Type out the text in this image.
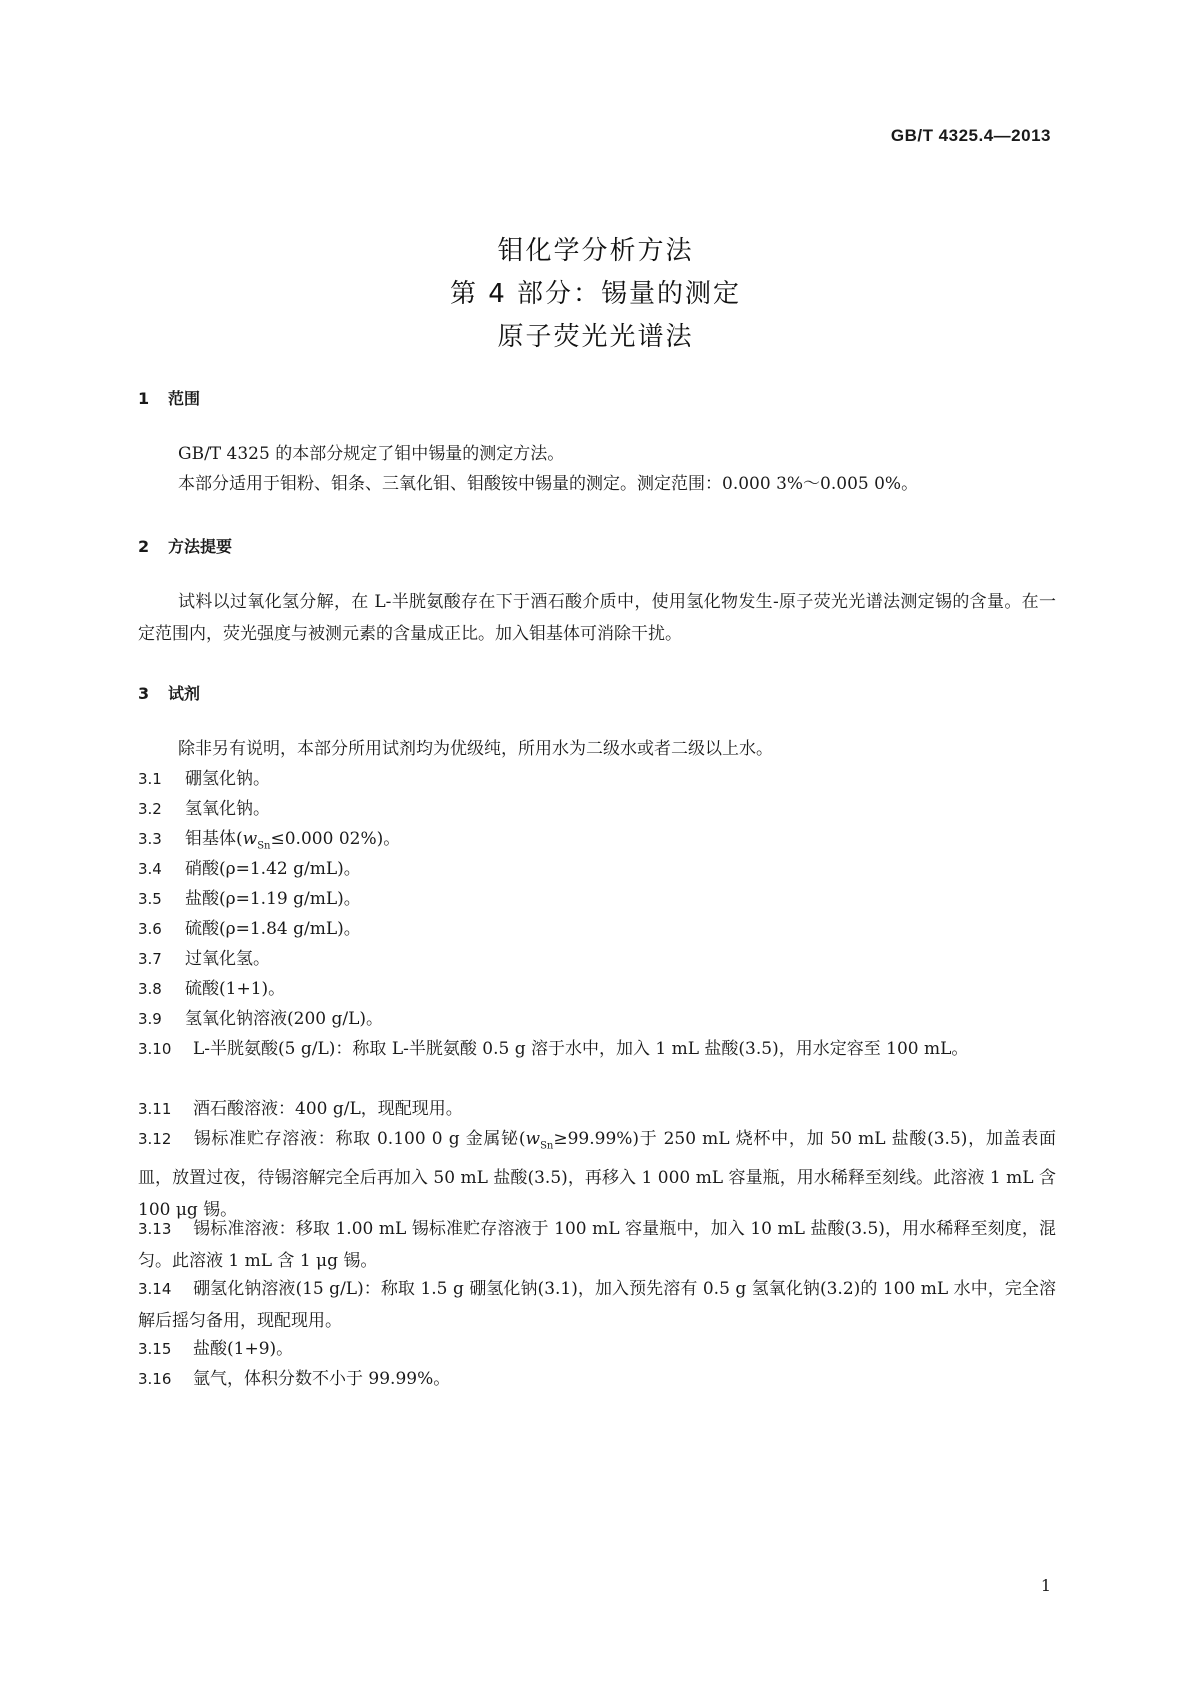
GB/T 4325.4—2013
钼化学分析方法
第 4 部分：锡量的测定
原子荧光光谱法
1 范围
GB/T 4325 的本部分规定了钼中锡量的测定方法。
本部分适用于钼粉、钼条、三氧化钼、钼酸铵中锡量的测定。测定范围：0.000 3%～0.005 0%。
2 方法提要
试料以过氧化氢分解，在 L-半胱氨酸存在下于酒石酸介质中，使用氢化物发生-原子荧光光谱法测定锡的含量。在一定范围内，荧光强度与被测元素的含量成正比。加入钼基体可消除干扰。
3 试剂
除非另有说明，本部分所用试剂均为优级纯，所用水为二级水或者二级以上水。
3.1 硼氢化钠。
3.2 氢氧化钠。
3.3 钼基体($w_{Sn}\le 0.000$ 02%)。
3.4 硝酸(ρ=1.42 g/mL)。
3.5 盐酸(ρ=1.19 g/mL)。
3.6 硫酸(ρ=1.84 g/mL)。
3.7 过氧化氢。
3.8 硫酸(1+1)。
3.9 氢氧化钠溶液(200 g/L)。
3.10 L-半胱氨酸(5 g/L)：称取 L-半胱氨酸 0.5 g 溶于水中，加入 1 mL 盐酸(3.5)，用水定容至 100 mL。
3.11 酒石酸溶液：400 g/L，现配现用。
3.12 锡标准贮存溶液：称取 0.100 0 g 金属铋$(w_{Sn}\ge 99.99\%)$于 250 mL 烧杯中，加 50 mL 盐酸(3.5)，加盖表面皿，放置过夜，待锡溶解完全后再加入 50 mL 盐酸(3.5)，再移入 1 000 mL 容量瓶，用水稀释至刻线。此溶液 1 mL 含 100 μg 锡。
3.13 锡标准溶液：移取 1.00 mL 锡标准贮存溶液于 100 mL 容量瓶中，加入 10 mL 盐酸(3.5)，用水稀释至刻度，混匀。此溶液 1 mL 含 1 μg 锡。
3.14 硼氢化钠溶液(15 g/L)：称取 1.5 g 硼氢化钠(3.1)，加入预先溶有 0.5 g 氢氧化钠(3.2)的 100 mL 水中，完全溶解后摇匀备用，现配现用。
3.15 盐酸(1+9)。
3.16 氩气，体积分数不小于 99.99%。
1
